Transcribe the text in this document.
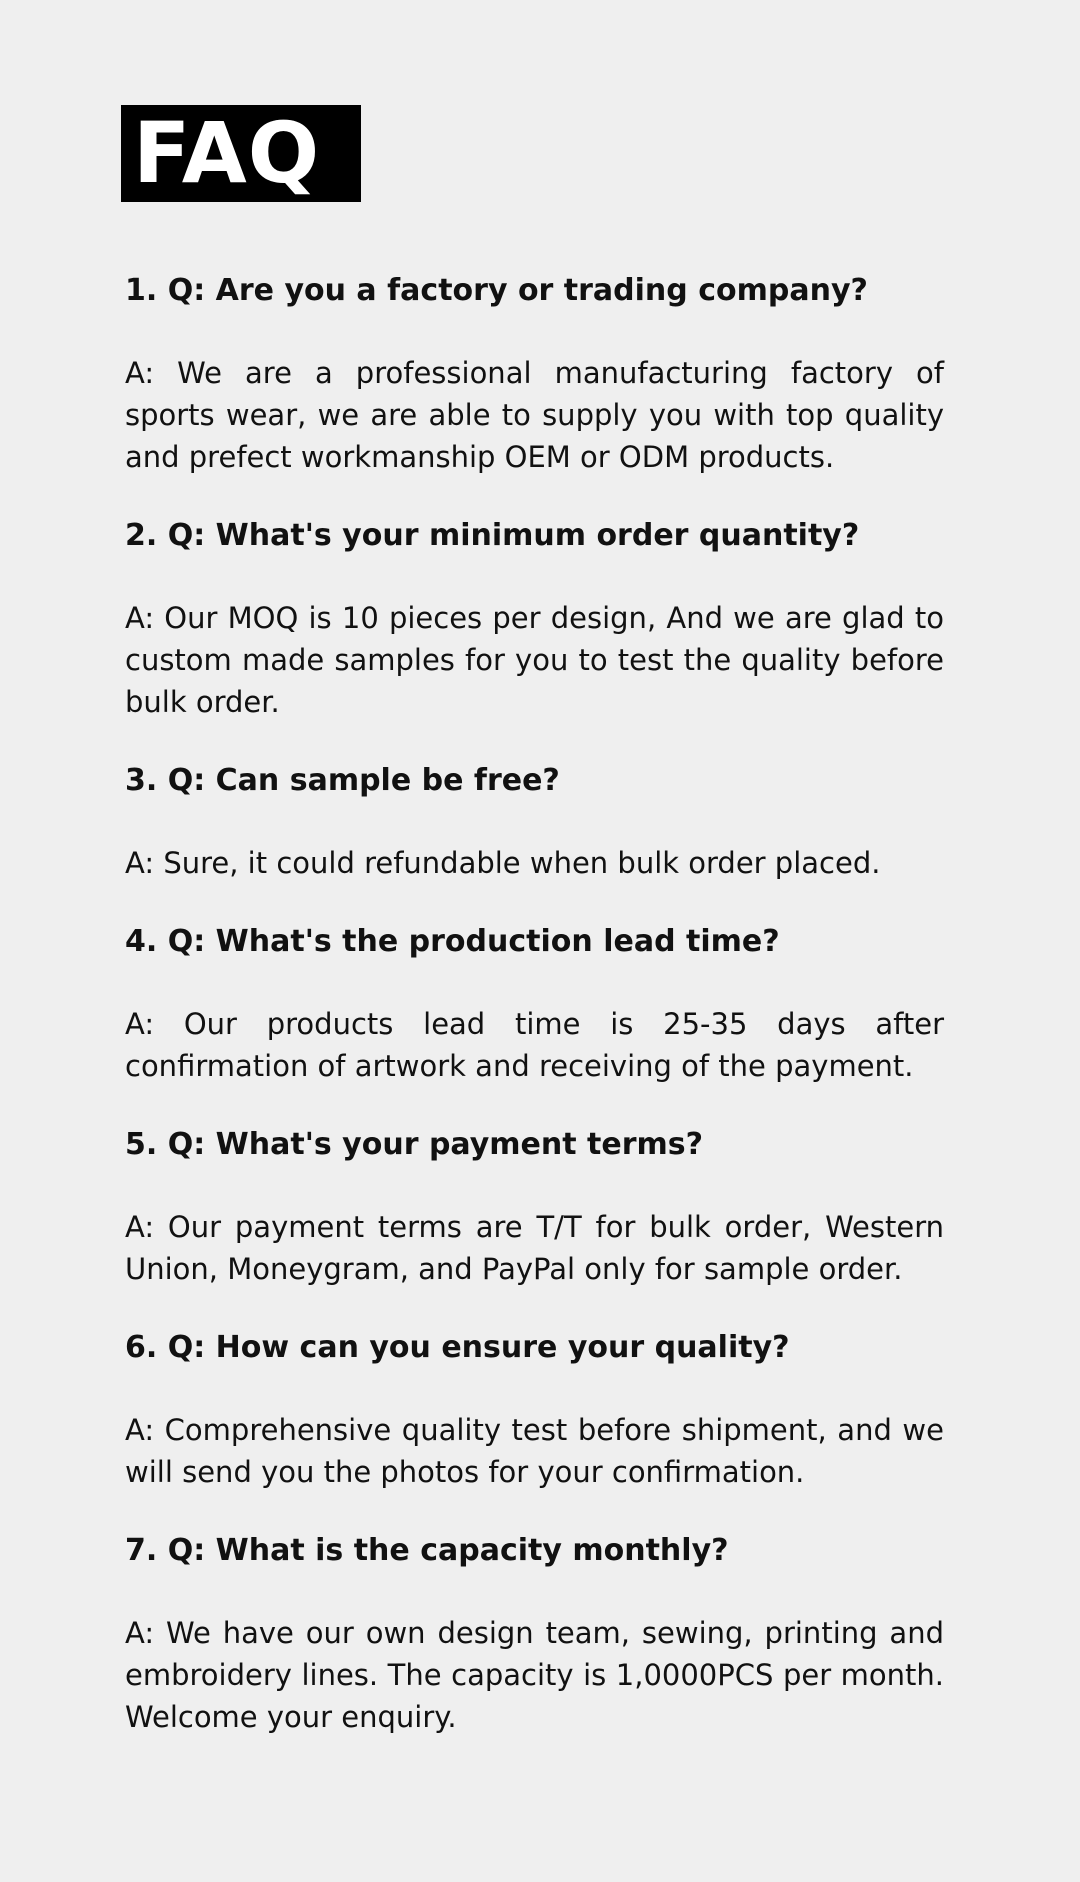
FAQ
1. Q: Are you a factory or trading company?

A: We are a professional manufacturing factory of sports wear, we are able to supply you with top quality and prefect workmanship OEM or ODM products.

2. Q: What's your minimum order quantity?

A: Our MOQ is 10 pieces per design, And we are glad to custom made samples for you to test the quality before bulk order.

3. Q: Can sample be free?

A: Sure, it could refundable when bulk order placed.

4. Q: What's the production lead time?

A: Our products lead time is 25-35 days after confirmation of artwork and receiving of the payment.

5. Q: What's your payment terms?

A: Our payment terms are T/T for bulk order, Western Union, Moneygram, and PayPal only for sample order.

6. Q: How can you ensure your quality?

A: Comprehensive quality test before shipment, and we will send you the photos for your confirmation.

7. Q: What is the capacity monthly?

A: We have our own design team, sewing, printing and embroidery lines. The capacity is 1,0000PCS per month. Welcome your enquiry.
